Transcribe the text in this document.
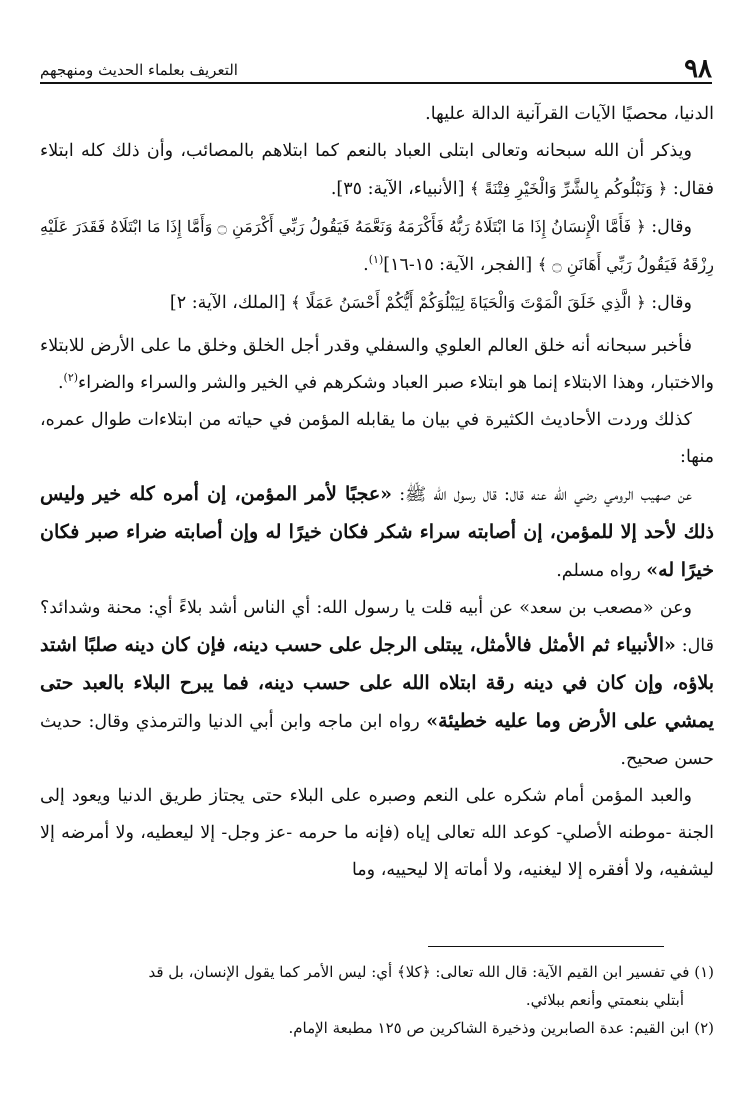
٩٨
التعريف بعلماء الحديث ومنهجهم

الدنيا، محصيًا الآيات القرآنية الدالة عليها.

ويذكر أن الله سبحانه وتعالى ابتلى العباد بالنعم كما ابتلاهم بالمصائب، وأن ذلك كله ابتلاء فقال: ﴿ وَنَبْلُوكُم بِالشَّرِّ وَالْخَيْرِ فِتْنَةً ﴾ [الأنبياء، الآية: ٣٥].

وقال: ﴿ فَأَمَّا الْإِنسَانُ إِذَا مَا ابْتَلَاهُ رَبُّهُ فَأَكْرَمَهُ وَنَعَّمَهُ فَيَقُولُ رَبِّي أَكْرَمَنِ ۝ وَأَمَّا إِذَا مَا ابْتَلَاهُ فَقَدَرَ عَلَيْهِ رِزْقَهُ فَيَقُولُ رَبِّي أَهَانَنِ ۝ ﴾ [الفجر، الآية: ١٥-١٦]$^{(١)}$.

وقال: ﴿ الَّذِي خَلَقَ الْمَوْتَ وَالْحَيَاةَ لِيَبْلُوَكُمْ أَيُّكُمْ أَحْسَنُ عَمَلًا ﴾ [الملك، الآية: ٢]

فأخبر سبحانه أنه خلق العالم العلوي والسفلي وقدر أجل الخلق وخلق ما على الأرض للابتلاء والاختبار، وهذا الابتلاء إنما هو ابتلاء صبر العباد وشكرهم في الخير والشر والسراء والضراء$^{(٢)}$.

كذلك وردت الأحاديث الكثيرة في بيان ما يقابله المؤمن في حياته من ابتلاءات طوال عمره، منها:

عن صهيب الرومي رضي الله عنه قال: قال رسول الله ﷺ: «عجبًا لأمر المؤمن، إن أمره كله خير وليس ذلك لأحد إلا للمؤمن، إن أصابته سراء شكر فكان خيرًا له وإن أصابته ضراء صبر فكان خيرًا له» رواه مسلم.

وعن «مصعب بن سعد» عن أبيه قلت يا رسول الله: أي الناس أشد بلاءً أي: محنة وشدائد؟ قال: «الأنبياء ثم الأمثل فالأمثل، يبتلى الرجل على حسب دينه، فإن كان دينه صلبًا اشتد بلاؤه، وإن كان في دينه رقة ابتلاه الله على حسب دينه، فما يبرح البلاء بالعبد حتى يمشي على الأرض وما عليه خطيئة» رواه ابن ماجه وابن أبي الدنيا والترمذي وقال: حديث حسن صحيح.

والعبد المؤمن أمام شكره على النعم وصبره على البلاء حتى يجتاز طريق الدنيا ويعود إلى الجنة -موطنه الأصلي- كوعد الله تعالى إياه (فإنه ما حرمه -عز وجل- إلا ليعطيه، ولا أمرضه إلا ليشفيه، ولا أفقره إلا ليغنيه، ولا أماته إلا ليحييه، وما

(١) في تفسير ابن القيم الآية: قال الله تعالى: ﴿كلا﴾ أي: ليس الأمر كما يقول الإنسان، بل قد

أبتلي بنعمتي وأنعم ببلائي.

(٢) ابن القيم: عدة الصابرين وذخيرة الشاكرين ص ١٢٥ مطبعة الإمام.
